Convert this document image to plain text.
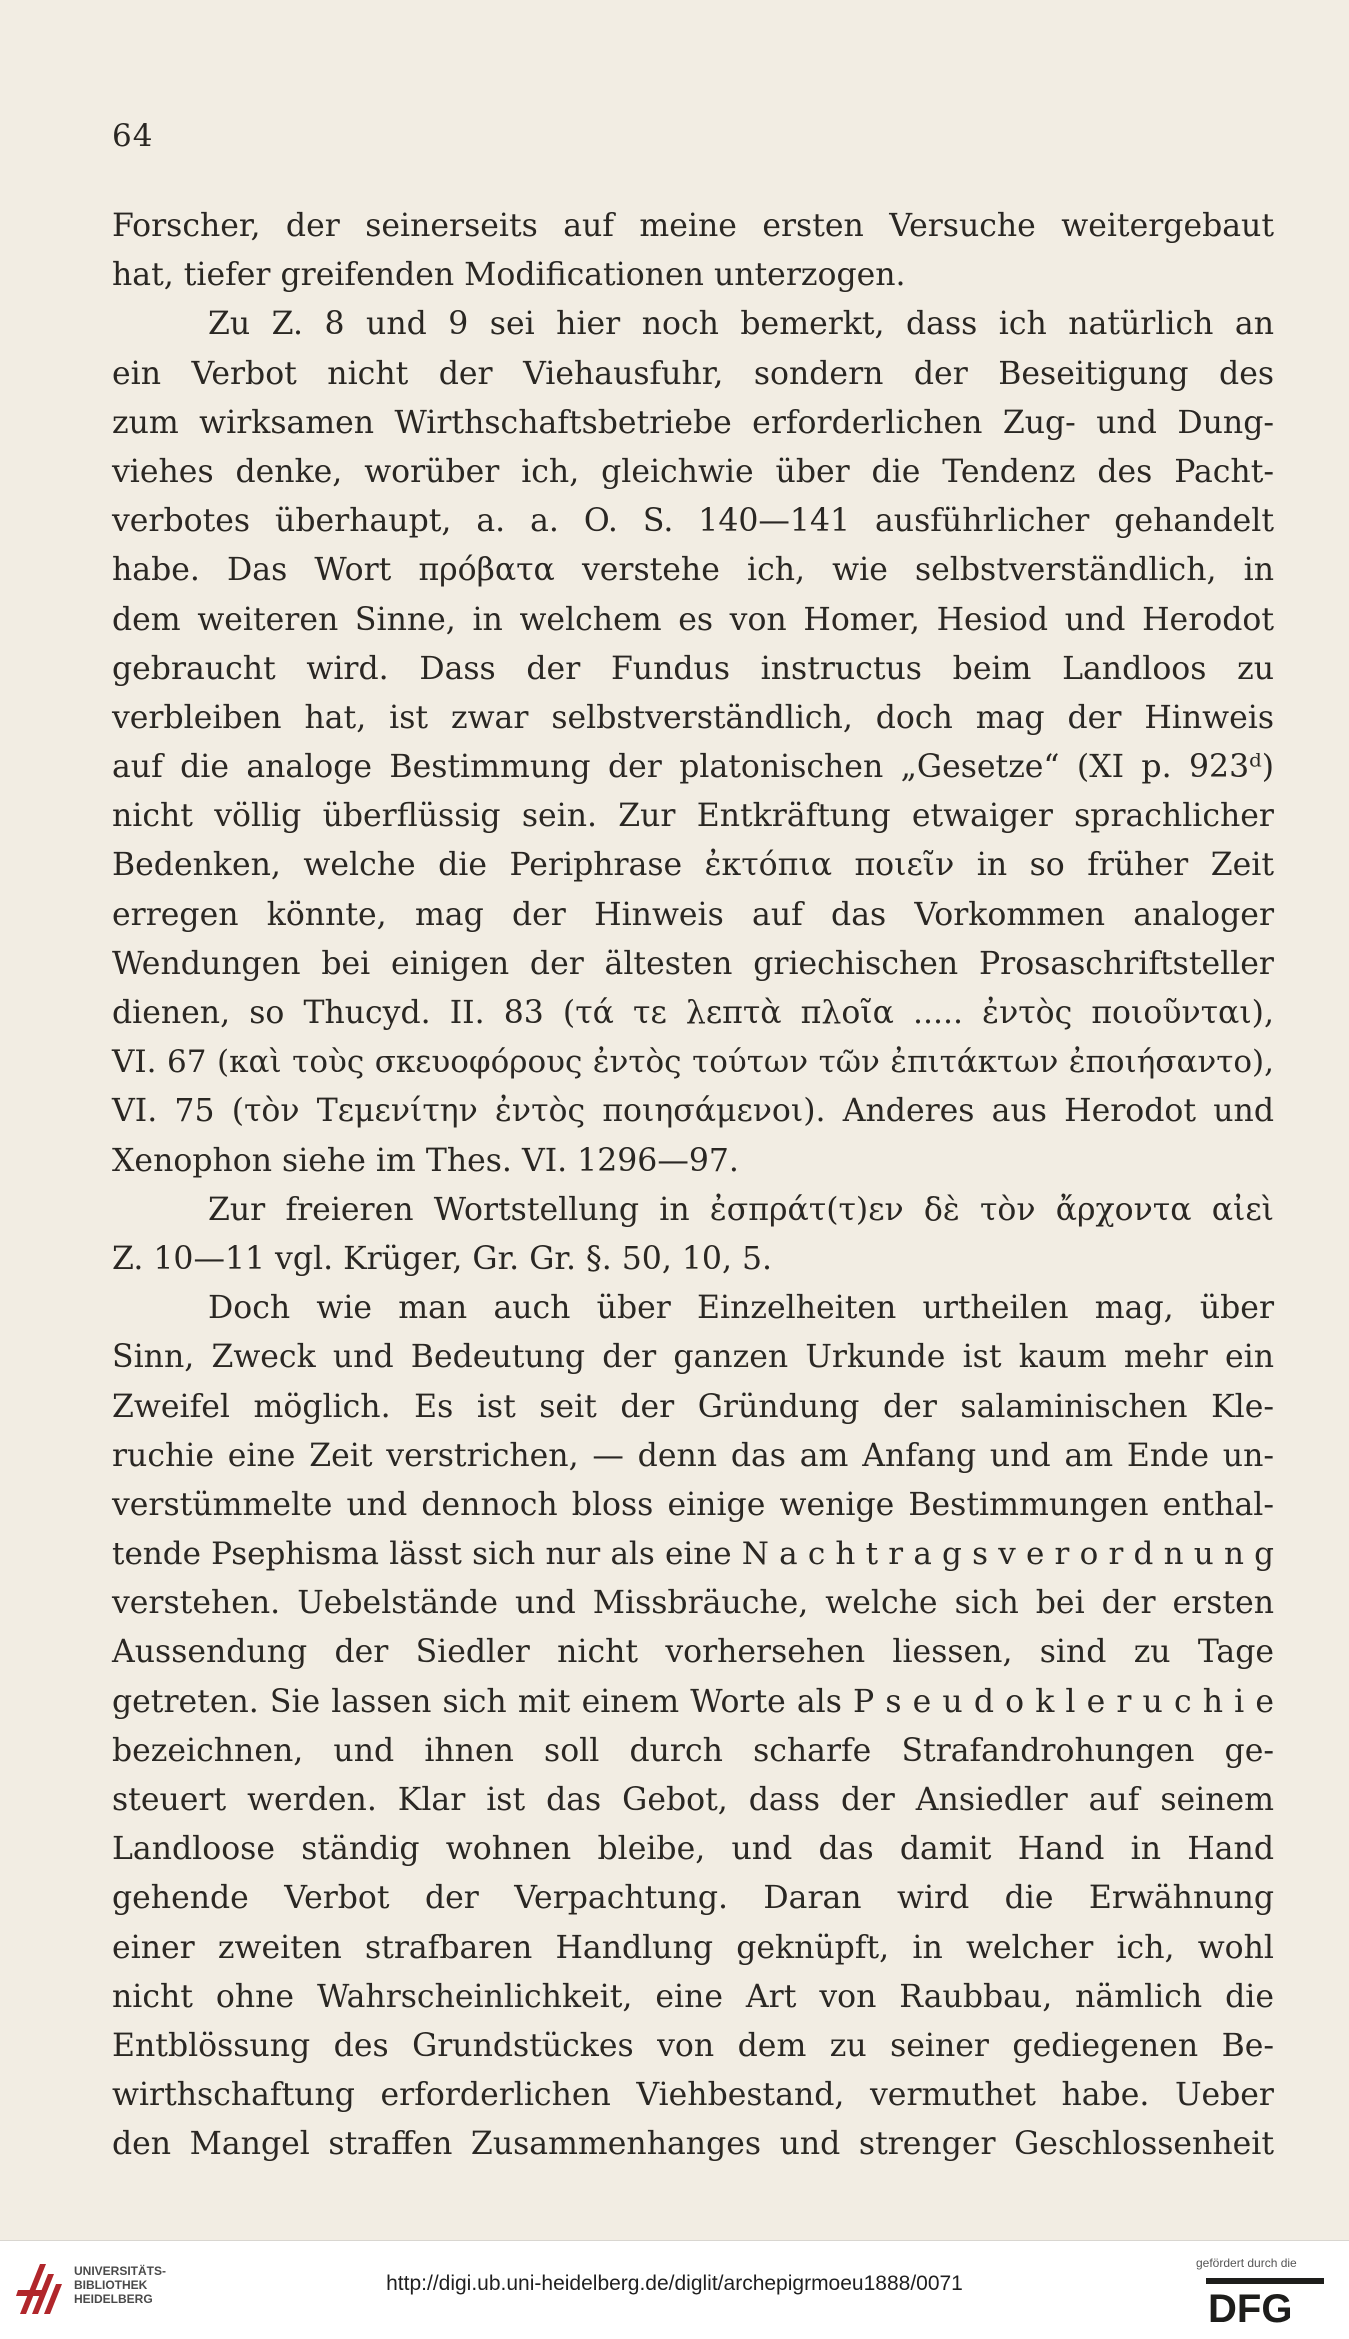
64
Forscher, der seinerseits auf meine ersten Versuche weitergebaut
hat, tiefer greifenden Modificationen unterzogen.
Zu Z. 8 und 9 sei hier noch bemerkt, dass ich natürlich an
ein Verbot nicht der Viehausfuhr, sondern der Beseitigung des
zum wirksamen Wirthschaftsbetriebe erforderlichen Zug- und Dung-
viehes denke, worüber ich, gleichwie über die Tendenz des Pacht-
verbotes überhaupt, a. a. O. S. 140—141 ausführlicher gehandelt
habe. Das Wort πρόβατα verstehe ich, wie selbstverständlich, in
dem weiteren Sinne, in welchem es von Homer, Hesiod und Herodot
gebraucht wird. Dass der Fundus instructus beim Landloos zu
verbleiben hat, ist zwar selbstverständlich, doch mag der Hinweis
auf die analoge Bestimmung der platonischen „Gesetze“ (XI p. 923ᵈ)
nicht völlig überflüssig sein. Zur Entkräftung etwaiger sprachlicher
Bedenken, welche die Periphrase ἐκτόπια ποιεῖν in so früher Zeit
erregen könnte, mag der Hinweis auf das Vorkommen analoger
Wendungen bei einigen der ältesten griechischen Prosaschriftsteller
dienen, so Thucyd. II. 83 (τά τε λεπτὰ πλοῖα ..... ἐντὸς ποιοῦνται),
VI. 67 (καὶ τοὺς σκευοφόρους ἐντὸς τούτων τῶν ἐπιτάκτων ἐποιήσαντο),
VI. 75 (τὸν Τεμενίτην ἐντὸς ποιησάμενοι). Anderes aus Herodot und
Xenophon siehe im Thes. VI. 1296—97.
Zur freieren Wortstellung in ἐσπράτ(τ)εν δὲ τὸν ἄρχοντα αἰεὶ
Z. 10—11 vgl. Krüger, Gr. Gr. §. 50, 10, 5.
Doch wie man auch über Einzelheiten urtheilen mag, über
Sinn, Zweck und Bedeutung der ganzen Urkunde ist kaum mehr ein
Zweifel möglich. Es ist seit der Gründung der salaminischen Kle-
ruchie eine Zeit verstrichen, — denn das am Anfang und am Ende un-
verstümmelte und dennoch bloss einige wenige Bestimmungen enthal-
tende Psephisma lässt sich nur als eine N a c h t r a g s v e r o r d n u n g
verstehen. Uebelstände und Missbräuche, welche sich bei der ersten
Aussendung der Siedler nicht vorhersehen liessen, sind zu Tage
getreten. Sie lassen sich mit einem Worte als P s e u d o k l e r u c h i e
bezeichnen, und ihnen soll durch scharfe Strafandrohungen ge-
steuert werden. Klar ist das Gebot, dass der Ansiedler auf seinem
Landloose ständig wohnen bleibe, und das damit Hand in Hand
gehende Verbot der Verpachtung. Daran wird die Erwähnung
einer zweiten strafbaren Handlung geknüpft, in welcher ich, wohl
nicht ohne Wahrscheinlichkeit, eine Art von Raubbau, nämlich die
Entblössung des Grundstückes von dem zu seiner gediegenen Be-
wirthschaftung erforderlichen Viehbestand, vermuthet habe. Ueber
den Mangel straffen Zusammenhanges und strenger Geschlossenheit
UNIVERSITÄTS-
BIBLIOTHEK
HEIDELBERG
http://digi.ub.uni-heidelberg.de/diglit/archepigrmoeu1888/0071
gefördert durch die
DFG
